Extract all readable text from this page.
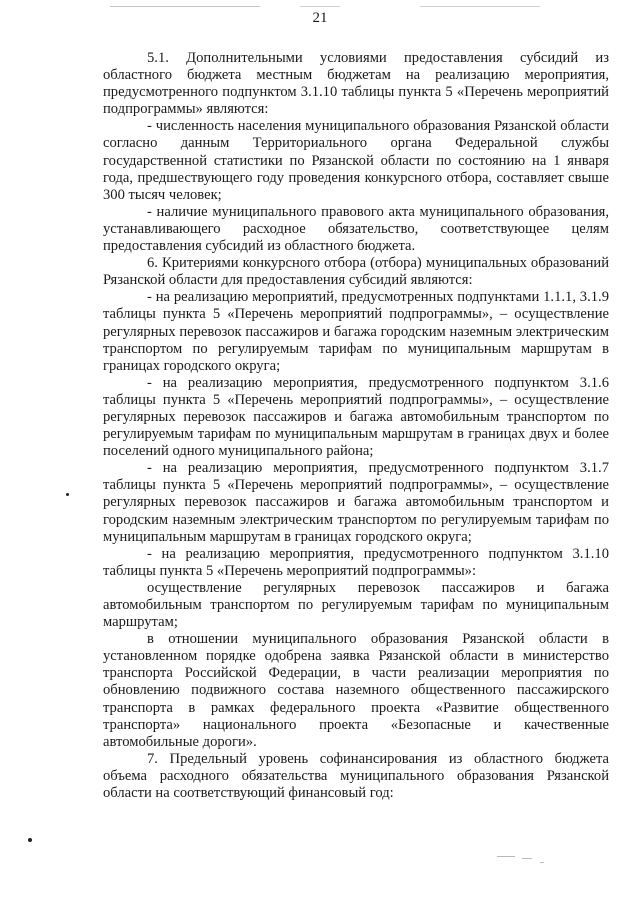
21

5.1. Дополнительными условиями предоставления субсидий из областного бюджета местным бюджетам на реализацию мероприятия, предусмотренного подпунктом 3.1.10 таблицы пункта 5 «Перечень мероприятий подпрограммы» являются:

- численность населения муниципального образования Рязанской области согласно данным Территориального органа Федеральной службы государственной статистики по Рязанской области по состоянию на 1 января года, предшествующего году проведения конкурсного отбора, составляет свыше 300 тысяч человек;

- наличие муниципального правового акта муниципального образования, устанавливающего расходное обязательство, соответствующее целям предоставления субсидий из областного бюджета.

6. Критериями конкурсного отбора (отбора) муниципальных образований Рязанской области для предоставления субсидий являются:

- на реализацию мероприятий, предусмотренных подпунктами 1.1.1, 3.1.9 таблицы пункта 5 «Перечень мероприятий подпрограммы», – осуществление регулярных перевозок пассажиров и багажа городским наземным электрическим транспортом по регулируемым тарифам по муниципальным маршрутам в границах городского округа;

- на реализацию мероприятия, предусмотренного подпунктом 3.1.6 таблицы пункта 5 «Перечень мероприятий подпрограммы», – осуществление регулярных перевозок пассажиров и багажа автомобильным транспортом по регулируемым тарифам по муниципальным маршрутам в границах двух и более поселений одного муниципального района;

- на реализацию мероприятия, предусмотренного подпунктом 3.1.7 таблицы пункта 5 «Перечень мероприятий подпрограммы», – осуществление регулярных перевозок пассажиров и багажа автомобильным транспортом и городским наземным электрическим транспортом по регулируемым тарифам по муниципальным маршрутам в границах городского округа;

- на реализацию мероприятия, предусмотренного подпунктом 3.1.10 таблицы пункта 5 «Перечень мероприятий подпрограммы»:

осуществление регулярных перевозок пассажиров и багажа автомобильным транспортом по регулируемым тарифам по муниципальным маршрутам;

в отношении муниципального образования Рязанской области в установленном порядке одобрена заявка Рязанской области в министерство транспорта Российской Федерации, в части реализации мероприятия по обновлению подвижного состава наземного общественного пассажирского транспорта в рамках федерального проекта «Развитие общественного транспорта» национального проекта «Безопасные и качественные автомобильные дороги».

7. Предельный уровень софинансирования из областного бюджета объема расходного обязательства муниципального образования Рязанской области на соответствующий финансовый год:
